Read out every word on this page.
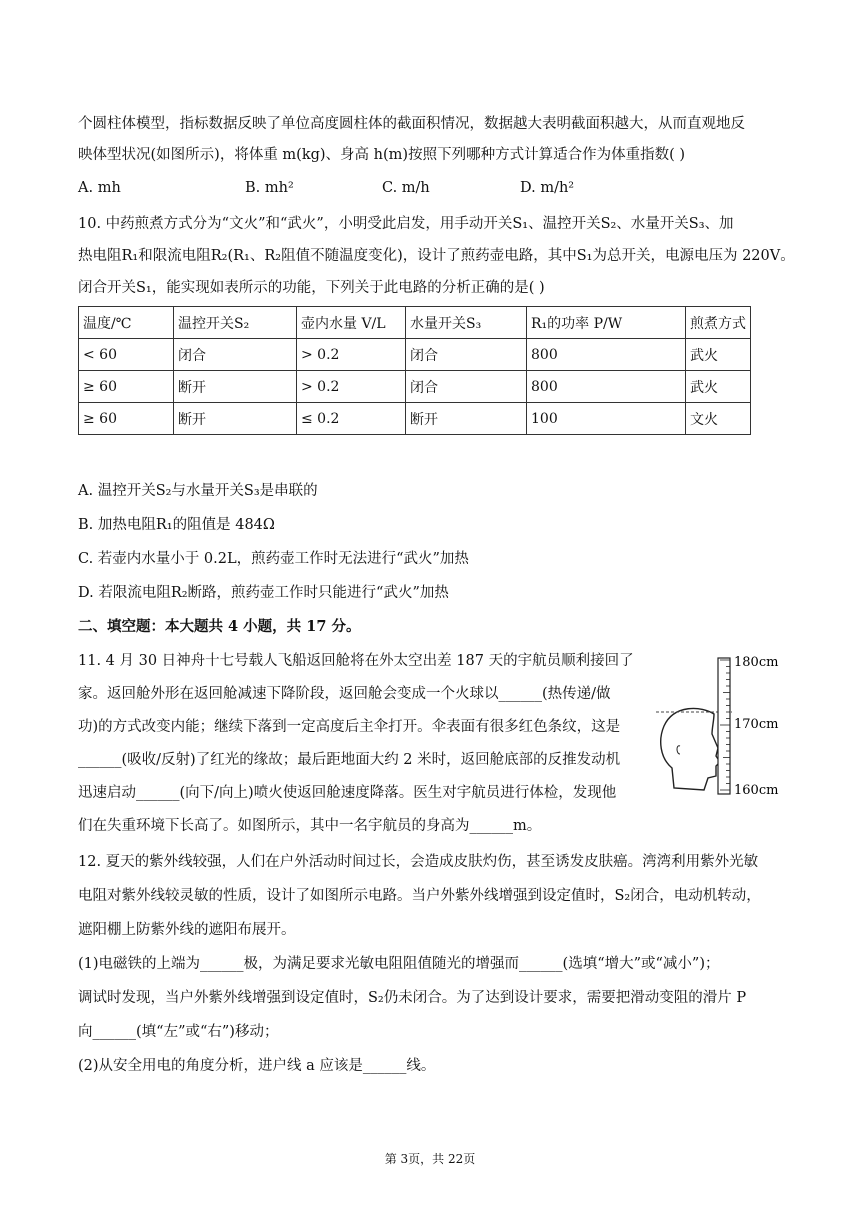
个圆柱体模型，指标数据反映了单位高度圆柱体的截面积情况，数据越大表明截面积越大，从而直观地反
映体型状况(如图所示)，将体重 m(kg)、身高 h(m)按照下列哪种方式计算适合作为体重指数( )
A. mh	B. mh²	C. m/h	D. m/h²
10. 中药煎煮方式分为“文火”和“武火”，小明受此启发，用手动开关S₁、温控开关S₂、水量开关S₃、加
热电阻R₁和限流电阻R₂(R₁、R₂阻值不随温度变化)，设计了煎药壶电路，其中S₁为总开关，电源电压为 220V。
闭合开关S₁，能实现如表所示的功能，下列关于此电路的分析正确的是( )
温度/℃	温控开关S₂	壶内水量 V/L	水量开关S₃	R₁的功率 P/W	煎煮方式
< 60	闭合	> 0.2	闭合	800	武火
≥ 60	断开	> 0.2	闭合	800	武火
≥ 60	断开	≤ 0.2	断开	100	文火
A. 温控开关S₂与水量开关S₃是串联的
B. 加热电阻R₁的阻值是 484Ω
C. 若壶内水量小于 0.2L，煎药壶工作时无法进行“武火”加热
D. 若限流电阻R₂断路，煎药壶工作时只能进行“武火”加热
二、填空题：本大题共 4 小题，共 17 分。
11. 4 月 30 日神舟十七号载人飞船返回舱将在外太空出差 187 天的宇航员顺利接回了
家。返回舱外形在返回舱减速下降阶段，返回舱会变成一个火球以______(热传递/做
功)的方式改变内能；继续下落到一定高度后主伞打开。伞表面有很多红色条纹，这是
______(吸收/反射)了红光的缘故；最后距地面大约 2 米时，返回舱底部的反推发动机
迅速启动______(向下/向上)喷火使返回舱速度降落。医生对宇航员进行体检，发现他
们在失重环境下长高了。如图所示，其中一名宇航员的身高为______m。
180cm
170cm
160cm
12. 夏天的紫外线较强，人们在户外活动时间过长，会造成皮肤灼伤，甚至诱发皮肤癌。湾湾利用紫外光敏
电阻对紫外线较灵敏的性质，设计了如图所示电路。当户外紫外线增强到设定值时，S₂闭合，电动机转动，
遮阳棚上防紫外线的遮阳布展开。
(1)电磁铁的上端为______极，为满足要求光敏电阻阻值随光的增强而______(选填“增大”或“减小”)；
调试时发现，当户外紫外线增强到设定值时，S₂仍未闭合。为了达到设计要求，需要把滑动变阻的滑片 P
向______(填“左”或“右”)移动；
(2)从安全用电的角度分析，进户线 a 应该是______线。
第 3页，共 22页
